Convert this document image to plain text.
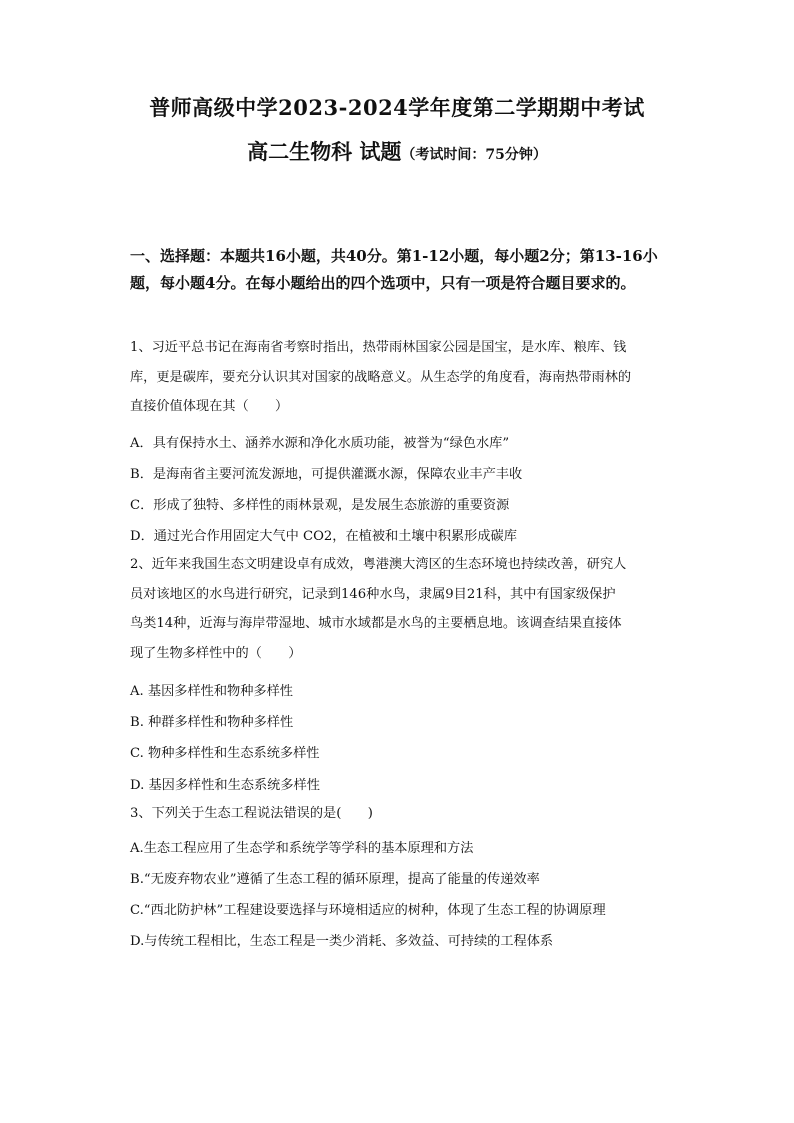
普师高级中学2023-2024学年度第二学期期中考试
高二生物科 试题（考试时间：75分钟）
一、选择题：本题共16小题，共40分。第1-12小题，每小题2分；第13-16小题，每小题4分。在每小题给出的四个选项中，只有一项是符合题目要求的。
1、习近平总书记在海南省考察时指出，热带雨林国家公园是国宝，是水库、粮库、钱
库，更是碳库，要充分认识其对国家的战略意义。从生态学的角度看，海南热带雨林的
直接价值体现在其（　　）
A．具有保持水土、涵养水源和净化水质功能，被誉为“绿色水库”
B．是海南省主要河流发源地，可提供灌溉水源，保障农业丰产丰收
C．形成了独特、多样性的雨林景观，是发展生态旅游的重要资源
D．通过光合作用固定大气中 CO2，在植被和土壤中积累形成碳库
2、近年来我国生态文明建设卓有成效，粤港澳大湾区的生态环境也持续改善，研究人
员对该地区的水鸟进行研究，记录到146种水鸟，隶属9目21科，其中有国家级保护
鸟类14种，近海与海岸带湿地、城市水域都是水鸟的主要栖息地。该调查结果直接体
现了生物多样性中的（　　）
A. 基因多样性和物种多样性
B. 种群多样性和物种多样性
C. 物种多样性和生态系统多样性
D. 基因多样性和生态系统多样性
3、下列关于生态工程说法错误的是(　　)
A.生态工程应用了生态学和系统学等学科的基本原理和方法
B.“无废弃物农业”遵循了生态工程的循环原理，提高了能量的传递效率
C.“西北防护林”工程建设要选择与环境相适应的树种，体现了生态工程的协调原理
D.与传统工程相比，生态工程是一类少消耗、多效益、可持续的工程体系
